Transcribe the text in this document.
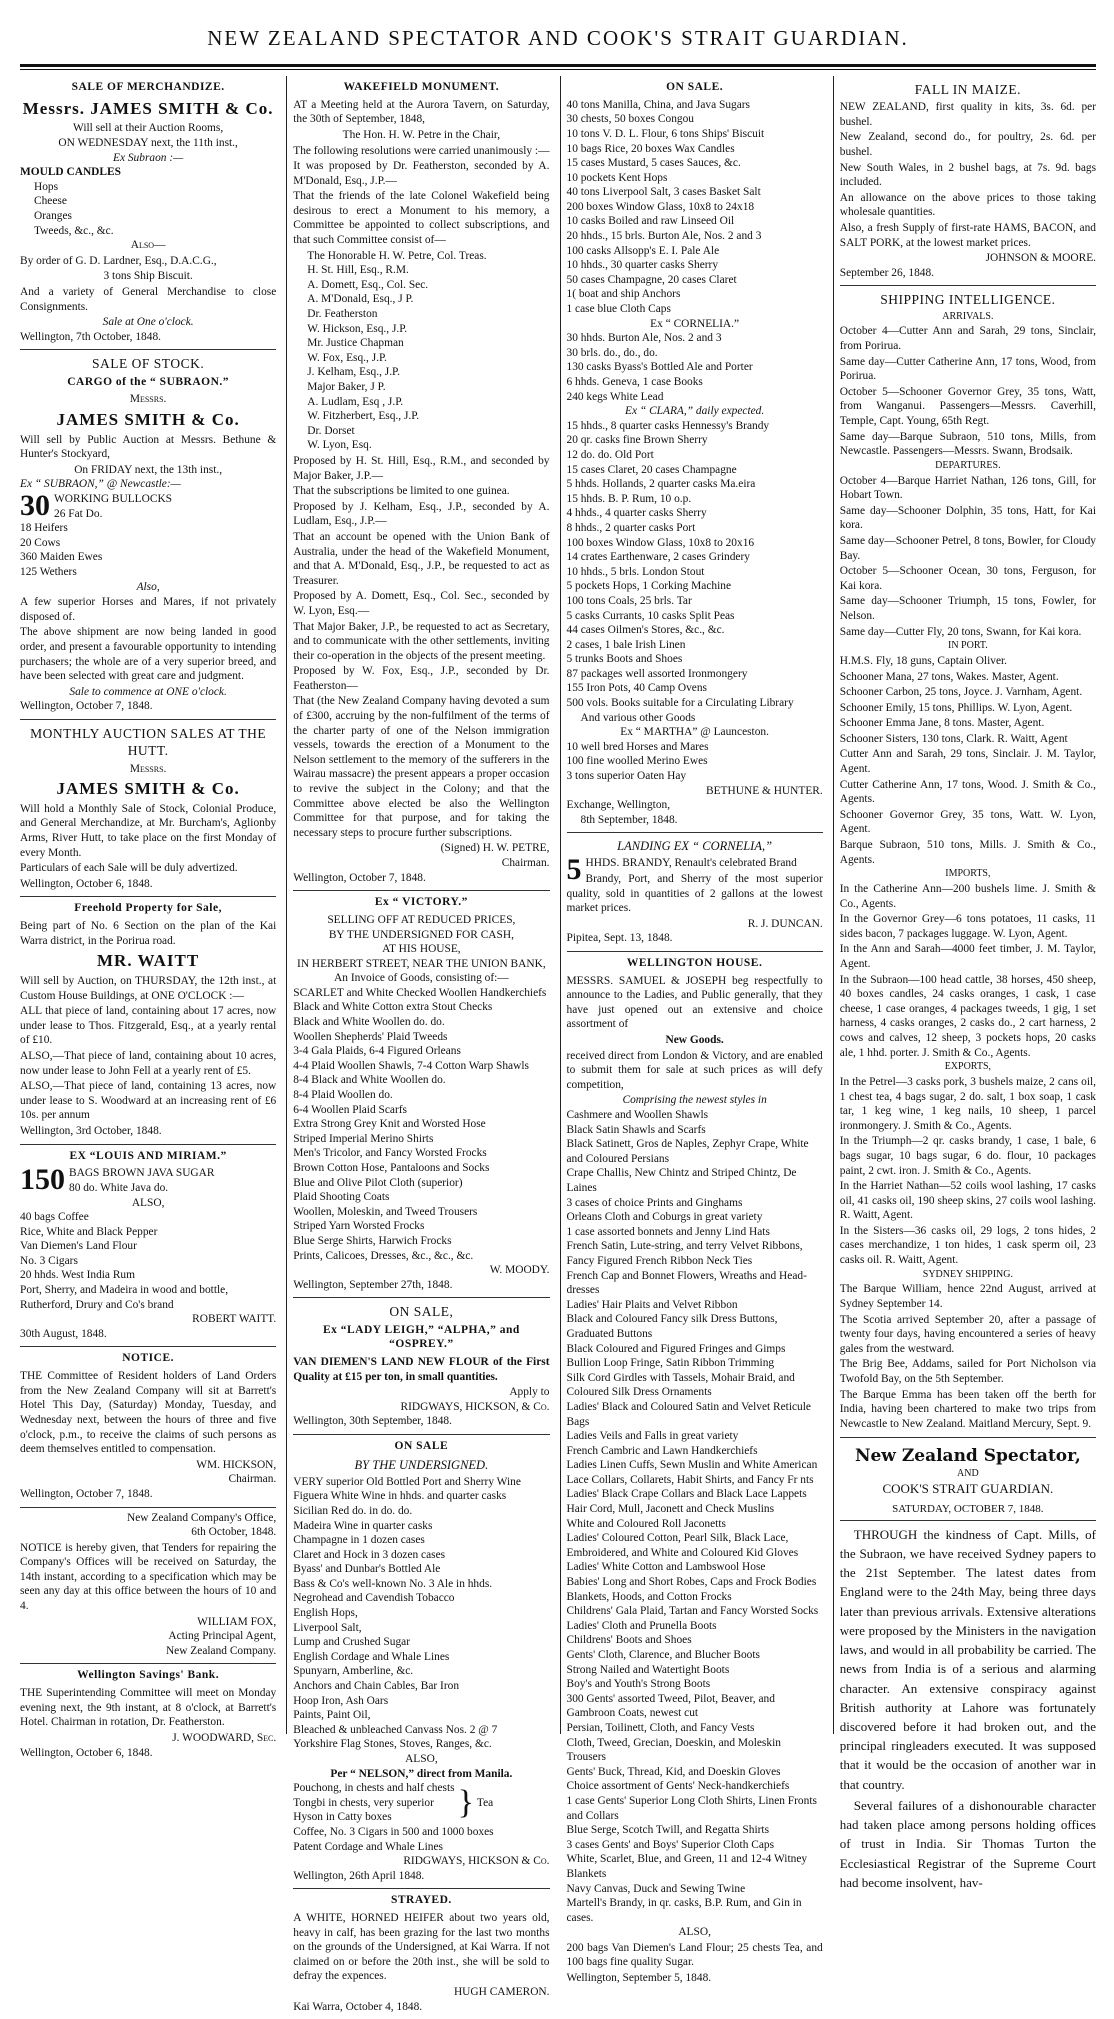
NEW ZEALAND SPECTATOR AND COOK'S STRAIT GUARDIAN.
SALE OF MERCHANDIZE.
Messrs. JAMES SMITH & Co.
Will sell at their Auction Rooms,
ON WEDNESDAY next, the 11th inst.,
Ex Subraon :—
MOULD CANDLES
Hops
Cheese
Oranges
Tweeds, &c., &c.
Also—

By order of G. D. Lardner, Esq., D.A.C.G.,

3 tons Ship Biscuit.

And a variety of General Merchandise to close Consignments.

Sale at One o'clock.
Wellington, 7th October, 1848.
SALE OF STOCK.
CARGO of the “ SUBRAON.”
Messrs.
JAMES SMITH & Co.

Will sell by Public Auction at Messrs. Bethune & Hunter's Stockyard,

On FRIDAY next, the 13th inst.,
Ex “ SUBRAON,” @ Newcastle:—
30 WORKING BULLOCKS
26 Fat Do.
18 Heifers
20 Cows
360 Maiden Ewes
125 Wethers
Also,

A few superior Horses and Mares, if not privately disposed of.

The above shipment are now being landed in good order, and present a favourable opportunity to intending purchasers; the whole are of a very superior breed, and have been selected with great care and judgment.

Sale to commence at ONE o'clock.
Wellington, October 7, 1848.
MONTHLY AUCTION SALES AT THE HUTT.
Messrs.
JAMES SMITH & Co.

Will hold a Monthly Sale of Stock, Colonial Produce, and General Merchandize, at Mr. Burcham's, Aglionby Arms, River Hutt, to take place on the first Monday of every Month.

Particulars of each Sale will be duly advertized.

Wellington, October 6, 1848.
Freehold Property for Sale,

Being part of No. 6 Section on the plan of the Kai Warra district, in the Porirua road.

MR. WAITT

Will sell by Auction, on THURSDAY, the 12th inst., at Custom House Buildings, at ONE O'CLOCK :—

ALL that piece of land, containing about 17 acres, now under lease to Thos. Fitzgerald, Esq., at a yearly rental of £10.

ALSO,—That piece of land, containing about 10 acres, now under lease to John Fell at a yearly rent of £5.

ALSO,—That piece of land, containing 13 acres, now under lease to S. Woodward at an increasing rent of £6 10s. per annum

Wellington, 3rd October, 1848.
EX “LOUIS AND MIRIAM.”
150 BAGS BROWN JAVA SUGAR
80 do. White Java do.
ALSO,
40 bags Coffee
Rice, White and Black Pepper
Van Diemen's Land Flour
No. 3 Cigars
20 hhds. West India Rum
Port, Sherry, and Madeira in wood and bottle, Rutherford, Drury and Co's brand
ROBERT WAITT.
30th August, 1848.
NOTICE.

THE Committee of Resident holders of Land Orders from the New Zealand Company will sit at Barrett's Hotel This Day, (Saturday) Monday, Tuesday, and Wednesday next, between the hours of three and five o'clock, p.m., to receive the claims of such persons as deem themselves entitled to compensation.

WM. HICKSON,
Chairman.
Wellington, October 7, 1848.
New Zealand Company's Office,
6th October, 1848.

NOTICE is hereby given, that Tenders for repairing the Company's Offices will be received on Saturday, the 14th instant, according to a specification which may be seen any day at this office between the hours of 10 and 4.

WILLIAM FOX,
Acting Principal Agent,
New Zealand Company.
Wellington Savings' Bank.

THE Superintending Committee will meet on Monday evening next, the 9th instant, at 8 o'clock, at Barrett's Hotel. Chairman in rotation, Dr. Featherston.

J. WOODWARD, Sec.
Wellington, October 6, 1848.
WAKEFIELD MONUMENT.

AT a Meeting held at the Aurora Tavern, on Saturday, the 30th of September, 1848,

The Hon. H. W. Petre in the Chair,

The following resolutions were carried unanimously :—

It was proposed by Dr. Featherston, seconded by A. M'Donald, Esq., J.P.—

That the friends of the late Colonel Wakefield being desirous to erect a Monument to his memory, a Committee be appointed to collect subscriptions, and that such Committee consist of—

The Honorable H. W. Petre, Col. Treas.
H. St. Hill, Esq., R.M.
A. Domett, Esq., Col. Sec.
A. M'Donald, Esq., J P.
Dr. Featherston
W. Hickson, Esq., J.P.
Mr. Justice Chapman
W. Fox, Esq., J.P.
J. Kelham, Esq., J.P.
Major Baker, J P.
A. Ludlam, Esq , J.P.
W. Fitzherbert, Esq., J.P.
Dr. Dorset
W. Lyon, Esq.

Proposed by H. St. Hill, Esq., R.M., and seconded by Major Baker, J.P.—

That the subscriptions be limited to one guinea.

Proposed by J. Kelham, Esq., J.P., seconded by A. Ludlam, Esq., J.P.—

That an account be opened with the Union Bank of Australia, under the head of the Wakefield Monument, and that A. M'Donald, Esq., J.P., be requested to act as Treasurer.

Proposed by A. Domett, Esq., Col. Sec., seconded by W. Lyon, Esq.—

That Major Baker, J.P., be requested to act as Secretary, and to communicate with the other settlements, inviting their co-operation in the objects of the present meeting.

Proposed by W. Fox, Esq., J.P., seconded by Dr. Featherston—

That (the New Zealand Company having devoted a sum of £300, accruing by the non-fulfilment of the terms of the charter party of one of the Nelson immigration vessels, towards the erection of a Monument to the Nelson settlement to the memory of the sufferers in the Wairau massacre) the present appears a proper occasion to revive the subject in the Colony; and that the Committee above elected be also the Wellington Committee for that purpose, and for taking the necessary steps to procure further subscriptions.

(Signed) H. W. PETRE,
Chairman.
Wellington, October 7, 1848.
Ex “ VICTORY.”
SELLING OFF AT REDUCED PRICES,
BY THE UNDERSIGNED FOR CASH,
AT HIS HOUSE,
IN HERBERT STREET, NEAR THE UNION BANK,
An Invoice of Goods, consisting of:—
SCARLET and White Checked Woollen Handkerchiefs
Black and White Cotton extra Stout Checks
Black and White Woollen do. do.
Woollen Shepherds' Plaid Tweeds
3-4 Gala Plaids, 6-4 Figured Orleans
4-4 Plaid Woollen Shawls, 7-4 Cotton Warp Shawls
8-4 Black and White Woollen do.
8-4 Plaid Woollen do.
6-4 Woollen Plaid Scarfs
Extra Strong Grey Knit and Worsted Hose
Striped Imperial Merino Shirts
Men's Tricolor, and Fancy Worsted Frocks
Brown Cotton Hose, Pantaloons and Socks
Blue and Olive Pilot Cloth (superior)
Plaid Shooting Coats
Woollen, Moleskin, and Tweed Trousers
Striped Yarn Worsted Frocks
Blue Serge Shirts, Harwich Frocks
Prints, Calicoes, Dresses, &c., &c., &c.
W. MOODY.
Wellington, September 27th, 1848.
ON SALE,
Ex “LADY LEIGH,” “ALPHA,” and “OSPREY.”

VAN DIEMEN'S LAND NEW FLOUR of the First Quality at £15 per ton, in small quantities.

Apply to
RIDGWAYS, HICKSON, & Co.
Wellington, 30th September, 1848.
ON SALE
BY THE UNDERSIGNED.
VERY superior Old Bottled Port and Sherry Wine
Figuera White Wine in hhds. and quarter casks
Sicilian Red do. in do. do.
Madeira Wine in quarter casks
Champagne in 1 dozen cases
Claret and Hock in 3 dozen cases
Byass' and Dunbar's Bottled Ale
Bass & Co's well-known No. 3 Ale in hhds.
Negrohead and Cavendish Tobacco
English Hops,
Liverpool Salt,
Lump and Crushed Sugar
English Cordage and Whale Lines
Spunyarn, Amberline, &c.
Anchors and Chain Cables, Bar Iron
Hoop Iron, Ash Oars
Paints, Paint Oil,
Bleached & unbleached Canvass Nos. 2 @ 7
Yorkshire Flag Stones, Stoves, Ranges, &c.
ALSO,
Per “ NELSON,” direct from Manila.
Pouchong, in chests and half chests
Tongbi in chests, very superior
Hyson in Catty boxes	} Tea
Coffee, No. 3 Cigars in 500 and 1000 boxes
Patent Cordage and Whale Lines
RIDGWAYS, HICKSON & Co.
Wellington, 26th April 1848.
STRAYED.

A WHITE, HORNED HEIFER about two years old, heavy in calf, has been grazing for the last two months on the grounds of the Undersigned, at Kai Warra. If not claimed on or before the 20th inst., she will be sold to defray the expences.

HUGH CAMERON.
Kai Warra, October 4, 1848.
ON SALE.
40 tons Manilla, China, and Java Sugars
30 chests, 50 boxes Congou
10 tons V. D. L. Flour, 6 tons Ships' Biscuit
10 bags Rice, 20 boxes Wax Candles
15 cases Mustard, 5 cases Sauces, &c.
10 pockets Kent Hops
40 tons Liverpool Salt, 3 cases Basket Salt
200 boxes Window Glass, 10x8 to 24x18
10 casks Boiled and raw Linseed Oil
20 hhds., 15 brls. Burton Ale, Nos. 2 and 3
100 casks Allsopp's E. I. Pale Ale
10 hhds., 30 quarter casks Sherry
50 cases Champagne, 20 cases Claret
1( boat and ship Anchors
1 case blue Cloth Caps
Ex “ CORNELIA.”
30 hhds. Burton Ale, Nos. 2 and 3
30 brls. do., do., do.
130 casks Byass's Bottled Ale and Porter
6 hhds. Geneva, 1 case Books
240 kegs White Lead
Ex “ CLARA,” daily expected.
15 hhds., 8 quarter casks Hennessy's Brandy
20 qr. casks fine Brown Sherry
12 do. do. Old Port
15 cases Claret, 20 cases Champagne
5 hhds. Hollands, 2 quarter casks Ma.eira
15 hhds. B. P. Rum, 10 o.p.
4 hhds., 4 quarter casks Sherry
8 hhds., 2 quarter casks Port
100 boxes Window Glass, 10x8 to 20x16
14 crates Earthenware, 2 cases Grindery
10 hhds., 5 brls. London Stout
5 pockets Hops, 1 Corking Machine
100 tons Coals, 25 brls. Tar
5 casks Currants, 10 casks Split Peas
44 cases Oilmen's Stores, &c., &c.
2 cases, 1 bale Irish Linen
5 trunks Boots and Shoes
87 packages well assorted Ironmongery
155 Iron Pots, 40 Camp Ovens
500 vols. Books suitable for a Circulating Library
And various other Goods
Ex “ MARTHA” @ Launceston.
10 well bred Horses and Mares
100 fine woolled Merino Ewes
3 tons superior Oaten Hay
BETHUNE & HUNTER.
Exchange, Wellington,
8th September, 1848.
LANDING EX “ CORNELIA,”
5 HHDS. BRANDY, Renault's celebrated Brand

Brandy, Port, and Sherry of the most superior quality, sold in quantities of 2 gallons at the lowest market prices.

R. J. DUNCAN.
Pipitea, Sept. 13, 1848.
WELLINGTON HOUSE.

MESSRS. SAMUEL & JOSEPH beg respectfully to announce to the Ladies, and Public generally, that they have just opened out an extensive and choice assortment of

New Goods.

received direct from London & Victory, and are enabled to submit them for sale at such prices as will defy competition,

Comprising the newest styles in
Cashmere and Woollen Shawls
Black Satin Shawls and Scarfs
Black Satinett, Gros de Naples, Zephyr Crape, White and Coloured Persians
Crape Challis, New Chintz and Striped Chintz, De Laines
3 cases of choice Prints and Ginghams
Orleans Cloth and Coburgs in great variety
1 case assorted bonnets and Jenny Lind Hats
French Satin, Lute-string, and terry Velvet Ribbons,
Fancy Figured French Ribbon Neck Ties
French Cap and Bonnet Flowers, Wreaths and Head-dresses
Ladies' Hair Plaits and Velvet Ribbon
Black and Coloured Fancy silk Dress Buttons, Graduated Buttons
Black Coloured and Figured Fringes and Gimps
Bullion Loop Fringe, Satin Ribbon Trimming
Silk Cord Girdles with Tassels, Mohair Braid, and Coloured Silk Dress Ornaments
Ladies' Black and Coloured Satin and Velvet Reticule Bags
Ladies Veils and Falls in great variety
French Cambric and Lawn Handkerchiefs
Ladies Linen Cuffs, Sewn Muslin and White American Lace Collars, Collarets, Habit Shirts, and Fancy Fr nts
Ladies' Black Crape Collars and Black Lace Lappets
Hair Cord, Mull, Jaconett and Check Muslins
White and Coloured Roll Jaconetts
Ladies' Coloured Cotton, Pearl Silk, Black Lace, Embroidered, and White and Coloured Kid Gloves
Ladies' White Cotton and Lambswool Hose
Babies' Long and Short Robes, Caps and Frock Bodies
Blankets, Hoods, and Cotton Frocks
Childrens' Gala Plaid, Tartan and Fancy Worsted Socks
Ladies' Cloth and Prunella Boots
Childrens' Boots and Shoes
Gents' Cloth, Clarence, and Blucher Boots
Strong Nailed and Watertight Boots
Boy's and Youth's Strong Boots
300 Gents' assorted Tweed, Pilot, Beaver, and Gambroon Coats, newest cut
Persian, Toilinett, Cloth, and Fancy Vests
Cloth, Tweed, Grecian, Doeskin, and Moleskin Trousers
Gents' Buck, Thread, Kid, and Doeskin Gloves
Choice assortment of Gents' Neck-handkerchiefs
1 case Gents' Superior Long Cloth Shirts, Linen Fronts and Collars
Blue Serge, Scotch Twill, and Regatta Shirts
3 cases Gents' and Boys' Superior Cloth Caps
White, Scarlet, Blue, and Green, 11 and 12-4 Witney Blankets
Navy Canvas, Duck and Sewing Twine
Martell's Brandy, in qr. casks, B.P. Rum, and Gin in cases.
ALSO,

200 bags Van Diemen's Land Flour; 25 chests Tea, and 100 bags fine quality Sugar.

Wellington, September 5, 1848.
FALL IN MAIZE.

NEW ZEALAND, first quality in kits, 3s. 6d. per bushel.

New Zealand, second do., for poultry, 2s. 6d. per bushel.

New South Wales, in 2 bushel bags, at 7s. 9d. bags included.

An allowance on the above prices to those taking wholesale quantities.

Also, a fresh Supply of first-rate HAMS, BACON, and SALT PORK, at the lowest market prices.

JOHNSON & MOORE.
September 26, 1848.
SHIPPING INTELLIGENCE.
ARRIVALS.

October 4—Cutter Ann and Sarah, 29 tons, Sinclair, from Porirua.

Same day—Cutter Catherine Ann, 17 tons, Wood, from Porirua.

October 5—Schooner Governor Grey, 35 tons, Watt, from Wanganui. Passengers—Messrs. Caverhill, Temple, Capt. Young, 65th Regt.

Same day—Barque Subraon, 510 tons, Mills, from Newcastle. Passengers—Messrs. Swann, Brodsaik.

DEPARTURES.

October 4—Barque Harriet Nathan, 126 tons, Gill, for Hobart Town.

Same day—Schooner Dolphin, 35 tons, Hatt, for Kai kora.

Same day—Schooner Petrel, 8 tons, Bowler, for Cloudy Bay.

October 5—Schooner Ocean, 30 tons, Ferguson, for Kai kora.

Same day—Schooner Triumph, 15 tons, Fowler, for Nelson.

Same day—Cutter Fly, 20 tons, Swann, for Kai kora.

IN PORT.

H.M.S. Fly, 18 guns, Captain Oliver.

Schooner Mana, 27 tons, Wakes. Master, Agent.

Schooner Carbon, 25 tons, Joyce. J. Varnham, Agent.

Schooner Emily, 15 tons, Phillips. W. Lyon, Agent.

Schooner Emma Jane, 8 tons. Master, Agent.

Schooner Sisters, 130 tons, Clark. R. Waitt, Agent

Cutter Ann and Sarah, 29 tons, Sinclair. J. M. Taylor, Agent.

Cutter Catherine Ann, 17 tons, Wood. J. Smith & Co., Agents.

Schooner Governor Grey, 35 tons, Watt. W. Lyon, Agent.

Barque Subraon, 510 tons, Mills. J. Smith & Co., Agents.

IMPORTS,

In the Catherine Ann—200 bushels lime. J. Smith & Co., Agents.

In the Governor Grey—6 tons potatoes, 11 casks, 11 sides bacon, 7 packages luggage. W. Lyon, Agent.

In the Ann and Sarah—4000 feet timber, J. M. Taylor, Agent.

In the Subraon—100 head cattle, 38 horses, 450 sheep, 40 boxes candles, 24 casks oranges, 1 cask, 1 case cheese, 1 case oranges, 4 packages tweeds, 1 gig, 1 set harness, 4 casks oranges, 2 casks do., 2 cart harness, 2 cows and calves, 12 sheep, 3 pockets hops, 20 casks ale, 1 hhd. porter. J. Smith & Co., Agents.

EXPORTS,

In the Petrel—3 casks pork, 3 bushels maize, 2 cans oil, 1 chest tea, 4 bags sugar, 2 do. salt, 1 box soap, 1 cask tar, 1 keg wine, 1 keg nails, 10 sheep, 1 parcel ironmongery. J. Smith & Co., Agents.

In the Triumph—2 qr. casks brandy, 1 case, 1 bale, 6 bags sugar, 10 bags sugar, 6 do. flour, 10 packages paint, 2 cwt. iron. J. Smith & Co., Agents.

In the Harriet Nathan—52 coils wool lashing, 17 casks oil, 41 casks oil, 190 sheep skins, 27 coils wool lashing. R. Waitt, Agent.

In the Sisters—36 casks oil, 29 logs, 2 tons hides, 2 cases merchandize, 1 ton hides, 1 cask sperm oil, 23 casks oil. R. Waitt, Agent.

SYDNEY SHIPPING.

The Barque William, hence 22nd August, arrived at Sydney September 14.

The Scotia arrived September 20, after a passage of twenty four days, having encountered a series of heavy gales from the westward.

The Brig Bee, Addams, sailed for Port Nicholson via Twofold Bay, on the 5th September.

The Barque Emma has been taken off the berth for India, having been chartered to make two trips from Newcastle to New Zealand. Maitland Mercury, Sept. 9.

New Zealand Spectator,
AND
COOK'S STRAIT GUARDIAN.
SATURDAY, OCTOBER 7, 1848.

THROUGH the kindness of Capt. Mills, of the Subraon, we have received Sydney papers to the 21st September. The latest dates from England were to the 24th May, being three days later than previous arrivals. Extensive alterations were proposed by the Ministers in the navigation laws, and would in all probability be carried. The news from India is of a serious and alarming character. An extensive conspiracy against British authority at Lahore was fortunately discovered before it had broken out, and the principal ringleaders executed. It was supposed that it would be the occasion of another war in that country.

Several failures of a dishonourable character had taken place among persons holding offices of trust in India. Sir Thomas Turton the Ecclesiastical Registrar of the Supreme Court had become insolvent, hav-
